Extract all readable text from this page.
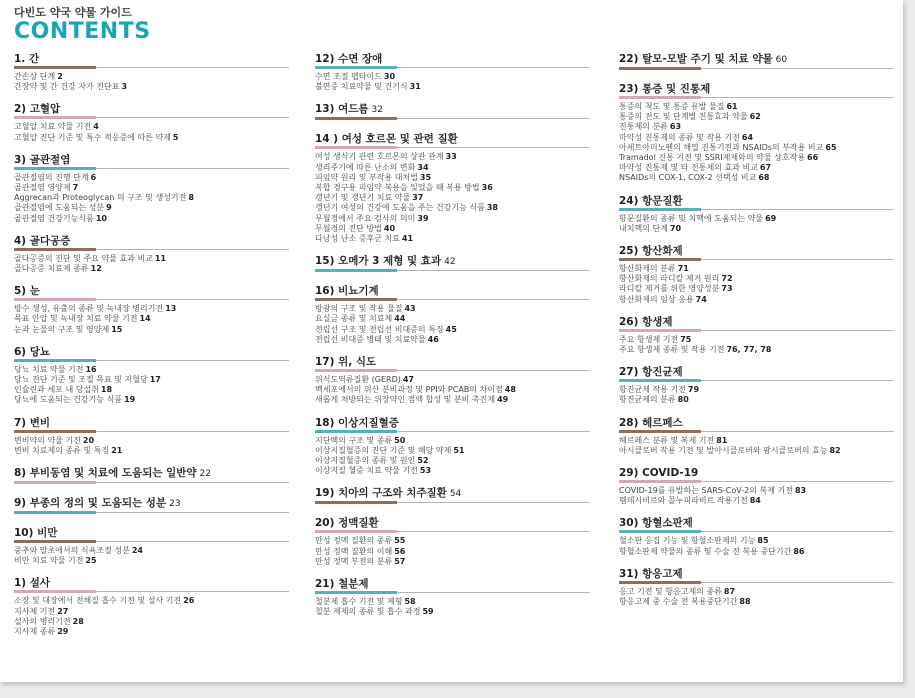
다빈도 약국 약물 가이드
CONTENTS
1. 간
간손상 단계 2
간장약 및 간 건강 자가 진단표 3
2) 고혈압
고혈압 치료 약물 기전 4
고혈압 진단 기준 및 특수 적응증에 따른 약제 5
3) 골관절염
골관절염의 진행 단계 6
골관절염 영양제 7
Aggrecan과 Proteoglycan 의 구조 및 생성기전 8
골관절염에 도움되는 성분 9
골관절염 건강기능식품 10
4) 골다공증
골다공증의 진단 및 주요 약물 효과 비교 11
골다공증 치료제 종류 12
5) 눈
방수 생성, 유출의 종류 및 녹내장 병리기전 13
목표 안압 및 녹내장 치료 약물 기전 14
눈과 눈물의 구조 및 영양제 15
6) 당뇨
당뇨 치료 약물 기전 16
당뇨 진단 기준 및 조절 목표 및 저혈당 17
인슐린과 세포 내 당섭취 18
당뇨에 도움되는 건강기능 식품 19
7) 변비
변비약의 약물 기전 20
변비 치료제의 종류 및 특징 21
8) 부비동염 및 치료에 도움되는 일반약 22
9) 부종의 정의 및 도움되는 성분 23
10) 비만
중추와 말초에서의 식욕조절 성분 24
비만 치료 약물 기전 25
1) 설사
소장 및 대장에서 전해질 흡수 기전 및 설사 기전 26
지사제 기전 27
설사의 병리기전 28
지사제 종류 29
12) 수면 장애
수면 조절 펩타이드 30
불면증 치료약물 및 건기식 31
13) 여드름 32
14 ) 여성 호르몬 및 관련 질환
여성 생식기 관련 호르몬의 상관 관계 33
생리주기에 따른 난소의 변화 34
피임약 원리 및 부작용 대처법 35
복합 경구용 피임약 복용을 잊었을 때 복용 방법 36
갱년기 및 갱년기 치료 약물 37
갱년기 여성의 건강에 도움을 주는 건강기능 식품 38
무월경에서 주요 검사의 의미 39
무월경의 진단 방법 40
다낭성 난소 증후군 치료 41
15) 오메가 3 제형 및 효과 42
16) 비뇨기계
방광의 구조 및 작용 물질 43
요실금 종류 및 치료제 44
전립선 구조 및 전립선 비대증의 특징 45
전립선 비대증 병태 및 치료약물 46
17) 위, 식도
위식도역류질환 (GERD) 47
벡세포에서의 위산 분비과정 및 PPI와 PCAB의 차이점 48
새롭게 처방되는 위장약인 점액 합성 및 분비 촉진제 49
18) 이상지질혈증
지단백의 구조 및 종류 50
이상지질혈증의 진단 기준 및 해당 약제 51
이상지질혈증의 종류 및 원인 52
이상지질 혈증 치료 약물 기전 53
19) 치아의 구조와 치주질환 54
20) 정맥질환
만성 정맥 질환의 종류 55
만성 정맥 질환의 이해 56
만성 정맥 부전의 분류 57
21) 철분제
철분제 흡수 기전 및 제형 58
철분 제제의 종류 및 흡수 과정 59
22) 탈모-모발 주기 및 치료 약물 60
23) 통증 및 진통제
통증의 척도 및 통증 유발 물질 61
통증의 전도 및 단계별 진통효과 약물 62
진통제의 분류 63
마약성 진통제의 종류 및 작용 기전 64
아세트아미노펜의 해열 진통기전과 NSAIDs의 부작용 비교 65
Tramadol 진통 기전 및 SSRI제제와의 약물 상호작용 66
마약성 진통제 및 타 진통제의 효과 비교 67
NSAIDs의 COX-1, COX-2 선택성 비교 68
24) 항문질환
항문질환의 종류 및 치핵에 도움되는 약물 69
내치핵의 단계 70
25) 항산화제
항산화제의 분류 71
항산화제의 라디칼 제거 원리 72
라디칼 제거를 위한 영양성분 73
항산화제의 임상 응용 74
26) 항생제
주요 항생제 기전 75
주요 항생제 종류 및 작용 기전 76, 77, 78
27) 항진균제
항진균제 작용 기전 79
항진균제의 분류 80
28) 헤르페스
헤르페스 분류 및 복제 기전 81
아시클로버 작용 기전 및 발아시클로버와 팜시클로버의 효능 82
29) COVID-19
COVID-19를 유발하는 SARS-CoV-2의 복제 기전 83
렘데시비르와 몰누피라비르 작용기전 84
30) 항혈소판제
혈소판 응집 기능 및 항혈소판제의 기능 85
항혈소판제 약물의 종류 및 수술 전 복용 중단기간 86
31) 항응고제
응고 기전 및 항응고제의 종류 87
항응고제 중 수술 전 복용중단기간 88
